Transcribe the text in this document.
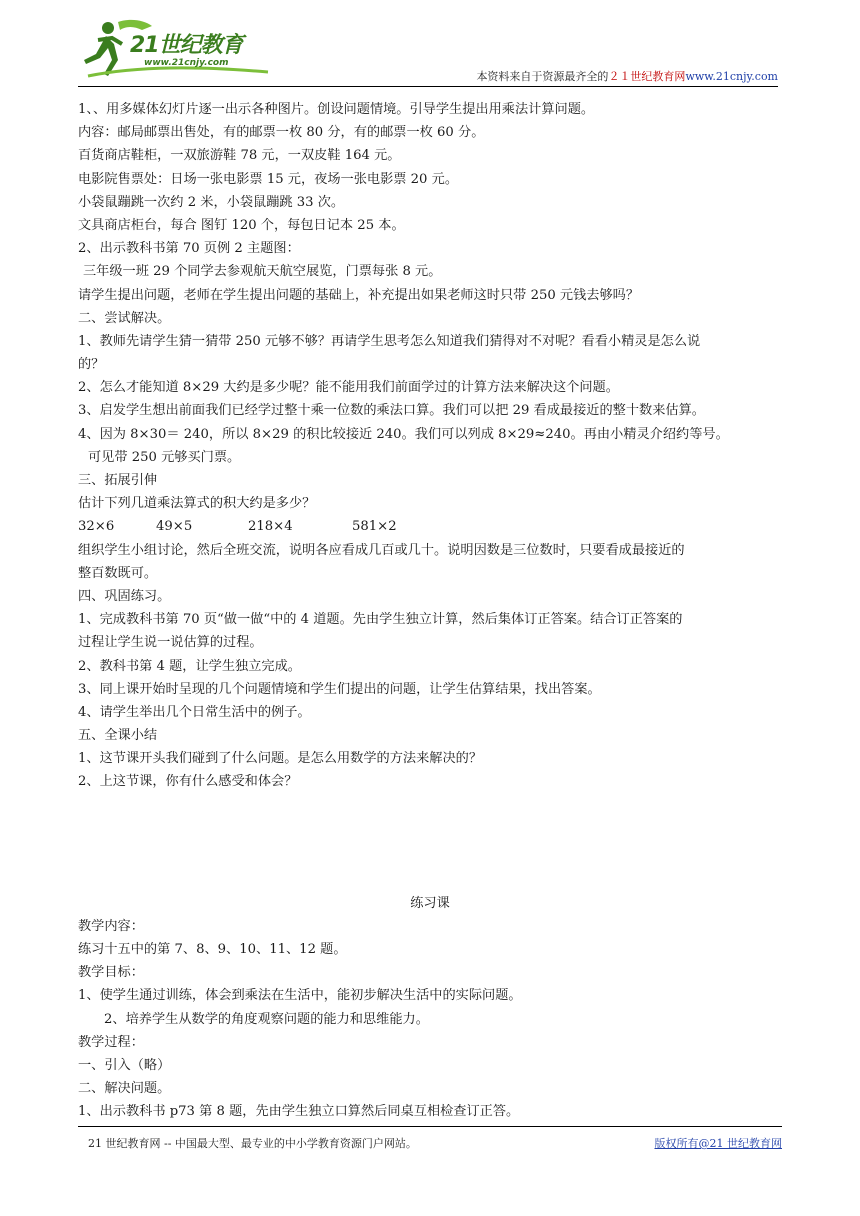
21世纪教育
www.21cnjy.com
本资料来自于资源最齐全的２１世纪教育网www.21cnjy.com
1、、用多媒体幻灯片逐一出示各种图片。创设问题情境。引导学生提出用乘法计算问题。
内容：邮局邮票出售处，有的邮票一枚 80 分，有的邮票一枚 60 分。
百货商店鞋柜，一双旅游鞋 78 元，一双皮鞋 164 元。
电影院售票处：日场一张电影票 15 元，夜场一张电影票 20 元。
小袋鼠蹦跳一次约 2 米，小袋鼠蹦跳 33 次。
文具商店柜台，每合 图钉 120 个，每包日记本 25 本。
2、出示教科书第 70 页例 2 主题图：
三年级一班 29 个同学去参观航天航空展览，门票每张 8 元。
请学生提出问题，老师在学生提出问题的基础上，补充提出如果老师这时只带 250 元钱去够吗？
二、尝试解决。
1、教师先请学生猜一猜带 250 元够不够？再请学生思考怎么知道我们猜得对不对呢？看看小精灵是怎么说
的？
2、怎么才能知道 8×29 大约是多少呢？能不能用我们前面学过的计算方法来解决这个问题。
3、启发学生想出前面我们已经学过整十乘一位数的乘法口算。我们可以把 29 看成最接近的整十数来估算。
4、因为 8×30＝ 240，所以 8×29 的积比较接近 240。我们可以列成 8×29≈240。再由小精灵介绍约等号。
可见带 250 元够买门票。
三、拓展引伸
估计下列几道乘法算式的积大约是多少？
32×6	49×5	218×4	581×2
组织学生小组讨论，然后全班交流，说明各应看成几百或几十。说明因数是三位数时，只要看成最接近的
整百数既可。
四、巩固练习。
1、完成教科书第 70 页“做一做“中的 4 道题。先由学生独立计算，然后集体订正答案。结合订正答案的
过程让学生说一说估算的过程。
2、教科书第 4 题，让学生独立完成。
3、同上课开始时呈现的几个问题情境和学生们提出的问题，让学生估算结果，找出答案。
4、请学生举出几个日常生活中的例子。
五、全课小结
1、这节课开头我们碰到了什么问题。是怎么用数学的方法来解决的？
2、上这节课，你有什么感受和体会？
练习课
教学内容：
练习十五中的第 7、8、9、10、11、12 题。
教学目标：
1、使学生通过训练，体会到乘法在生活中，能初步解决生活中的实际问题。
2、培养学生从数学的角度观察问题的能力和思维能力。
教学过程：
一、引入（略）
二、解决问题。
1、出示教科书 p73 第 8 题，先由学生独立口算然后同桌互相检查订正答。
21 世纪教育网 -- 中国最大型、最专业的中小学教育资源门户网站。	版权所有@21 世纪教育网
